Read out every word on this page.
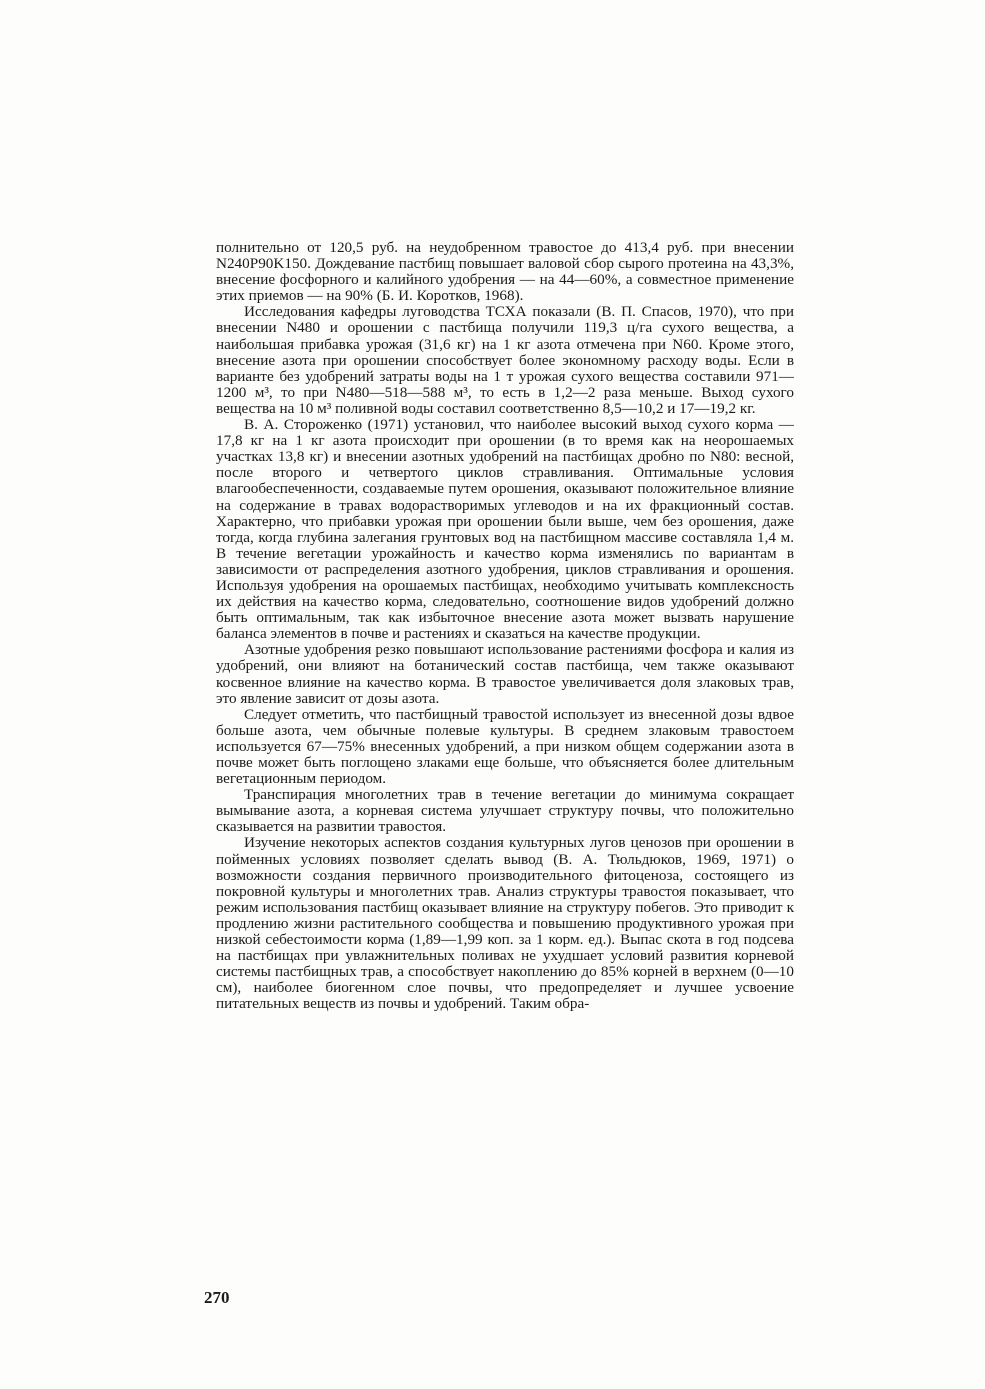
полнительно от 120,5 руб. на неудобренном травостое до 413,4 руб. при внесении N240P90K150. Дождевание пастбищ повышает валовой сбор сырого протеина на 43,3%, внесение фосфорного и калийного удобрения — на 44—60%, а совместное применение этих приемов — на 90% (Б. И. Коротков, 1968).

Исследования кафедры луговодства ТСХА показали (В. П. Спасов, 1970), что при внесении N480 и орошении с пастбища получили 119,3 ц/га сухого вещества, а наибольшая прибавка урожая (31,6 кг) на 1 кг азота отмечена при N60. Кроме этого, внесение азота при орошении способствует более экономному расходу воды. Если в варианте без удобрений затраты воды на 1 т урожая сухого вещества составили 971—1200 м³, то при N480—518—588 м³, то есть в 1,2—2 раза меньше. Выход сухого вещества на 10 м³ поливной воды составил соответственно 8,5—10,2 и 17—19,2 кг.

В. А. Стороженко (1971) установил, что наиболее высокий выход сухого корма — 17,8 кг на 1 кг азота происходит при орошении (в то время как на неорошаемых участках 13,8 кг) и внесении азотных удобрений на пастбищах дробно по N80: весной, после второго и четвертого циклов стравливания. Оптимальные условия влагообеспеченности, создаваемые путем орошения, оказывают положительное влияние на содержание в травах водорастворимых углеводов и на их фракционный состав. Характерно, что прибавки урожая при орошении были выше, чем без орошения, даже тогда, когда глубина залегания грунтовых вод на пастбищном массиве составляла 1,4 м. В течение вегетации урожайность и качество корма изменялись по вариантам в зависимости от распределения азотного удобрения, циклов стравливания и орошения. Используя удобрения на орошаемых пастбищах, необходимо учитывать комплексность их действия на качество корма, следовательно, соотношение видов удобрений должно быть оптимальным, так как избыточное внесение азота может вызвать нарушение баланса элементов в почве и растениях и сказаться на качестве продукции.

Азотные удобрения резко повышают использование растениями фосфора и калия из удобрений, они влияют на ботанический состав пастбища, чем также оказывают косвенное влияние на качество корма. В травостое увеличивается доля злаковых трав, это явление зависит от дозы азота.

Следует отметить, что пастбищный травостой использует из внесенной дозы вдвое больше азота, чем обычные полевые культуры. В среднем злаковым травостоем используется 67—75% внесенных удобрений, а при низком общем содержании азота в почве может быть поглощено злаками еще больше, что объясняется более длительным вегетационным периодом.

Транспирация многолетних трав в течение вегетации до минимума сокращает вымывание азота, а корневая система улучшает структуру почвы, что положительно сказывается на развитии травостоя.

Изучение некоторых аспектов создания культурных лугов ценозов при орошении в пойменных условиях позволяет сделать вывод (В. А. Тюльдюков, 1969, 1971) о возможности создания первичного производительного фитоценоза, состоящего из покровной культуры и многолетних трав. Анализ структуры травостоя показывает, что режим использования пастбищ оказывает влияние на структуру побегов. Это приводит к продлению жизни растительного сообщества и повышению продуктивного урожая при низкой себестоимости корма (1,89—1,99 коп. за 1 корм. ед.). Выпас скота в год подсева на пастбищах при увлажнительных поливах не ухудшает условий развития корневой системы пастбищных трав, а способствует накоплению до 85% корней в верхнем (0—10 см), наиболее биогенном слое почвы, что предопределяет и лучшее усвоение питательных веществ из почвы и удобрений. Таким обра-

270
